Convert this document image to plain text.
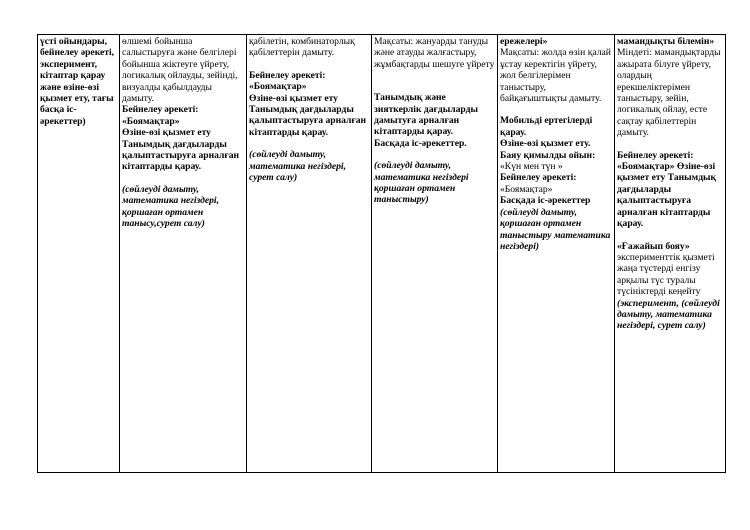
үсті ойындары, бейнелеу әрекеті, эксперимент, кітаптар қарау және өзіне-өзі қызмет ету, тағы басқа іс-әрекеттер)

өлшемі бойынша салыстыруға және белгілері бойынша жіктеуге үйрету, логикалық ойлауды, зейінді, визуалды қабылдауды дамыту.
Бейнелеу әрекеті: «Боямақтар»
Өзіне-өзі қызмет ету Танымдық дағдыларды қалыптастыруға арналған кітаптарды қарау.
(сөйлеуді дамыту, математика негіздері, қоршаған ортамен танысу,сурет салу)

қабілетін, комбинаторлық қабілеттерін дамыту.
Бейнелеу әрекеті: «Боямақтар»
Өзіне-өзі қызмет ету Танымдық дағдыларды қалыптастыруға арналған кітаптарды қарау.
(сөйлеуді дамыту, математика негіздері, сурет салу)

Мақсаты: жануарды тануды және атауды жалғастыру, жұмбақтарды шешуге үйрету
Танымдық және зияткерлік дағдыларды дамытуға арналған кітаптарды қарау.
Басқада іс-әрекеттер.
(сөйлеуді дамыту, математика негіздері қоршаған ортамен таныстыру)

ережелері»
Мақсаты: жолда өзін қалай ұстау керектігін үйрету, жол белгілерімен таныстыру, байқағыштықты дамыту.
Мобильді ертегілерді қарау.
Өзіне-өзі қызмет ету.
Баяу қимылды ойын:
«Күн мен түн »
Бейнелеу әрекеті:
«Боямақтар»
Басқада іс-әрекеттер
(сөйлеуді дамыту, қоршаған ортамен таныстыру математика негіздері)

мамандықты білемін»
Міндеті: мамандықтарды ажырата білуге үйрету, олардың ерекшеліктерімен таныстыру, зейін, логикалық ойлау, есте сақтау қабілеттерін дамыту.
Бейнелеу әрекеті: «Боямақтар» Өзіне-өзі қызмет ету Танымдық дағдыларды қалыптастыруға арналған кітаптарды қарау.
«Ғажайып бояу»
эксперименттік қызметі жаңа түстерді енгізу арқылы түс туралы түсініктерді кеңейту
(эксперимент, (сөйлеуді дамыту, математика негіздері, сурет салу)
